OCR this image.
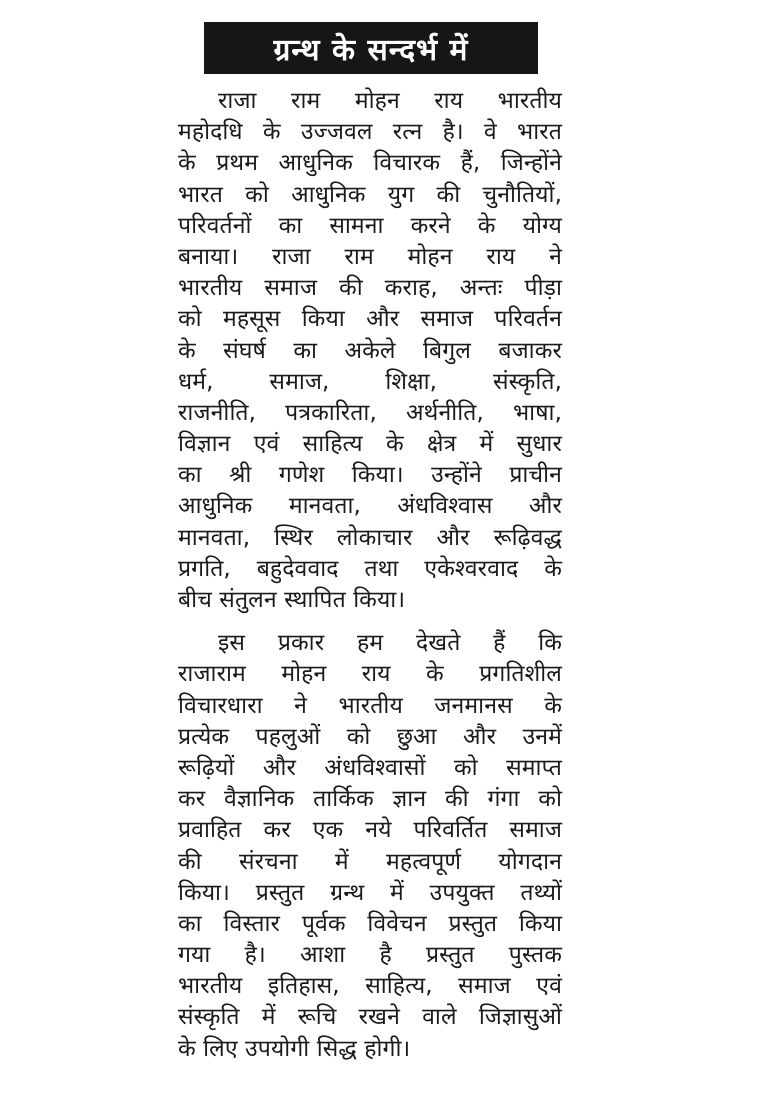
ग्रन्थ के सन्दर्भ में
राजा राम मोहन राय भारतीय
महोदधि के उज्जवल रत्न है। वे भारत
के प्रथम आधुनिक विचारक हैं, जिन्होंने
भारत को आधुनिक युग की चुनौतियों,
परिवर्तनों का सामना करने के योग्य
बनाया। राजा राम मोहन राय ने
भारतीय समाज की कराह, अन्तः पीड़ा
को महसूस किया और समाज परिवर्तन
के संघर्ष का अकेले बिगुल बजाकर
धर्म, समाज, शिक्षा, संस्कृति,
राजनीति, पत्रकारिता, अर्थनीति, भाषा,
विज्ञान एवं साहित्य के क्षेत्र में सुधार
का श्री गणेश किया। उन्होंने प्राचीन
आधुनिक मानवता, अंधविश्वास और
मानवता, स्थिर लोकाचार और रूढ़िवद्ध
प्रगति, बहुदेववाद तथा एकेश्वरवाद के
बीच संतुलन स्थापित किया।
इस प्रकार हम देखते हैं कि
राजाराम मोहन राय के प्रगतिशील
विचारधारा ने भारतीय जनमानस के
प्रत्येक पहलुओं को छुआ और उनमें
रूढ़ियों और अंधविश्वासों को समाप्त
कर वैज्ञानिक तार्किक ज्ञान की गंगा को
प्रवाहित कर एक नये परिवर्तित समाज
की संरचना में महत्वपूर्ण योगदान
किया। प्रस्तुत ग्रन्थ में उपयुक्त तथ्यों
का विस्तार पूर्वक विवेचन प्रस्तुत किया
गया है। आशा है प्रस्तुत पुस्तक
भारतीय इतिहास, साहित्य, समाज एवं
संस्कृति में रूचि रखने वाले जिज्ञासुओं
के लिए उपयोगी सिद्ध होगी।
